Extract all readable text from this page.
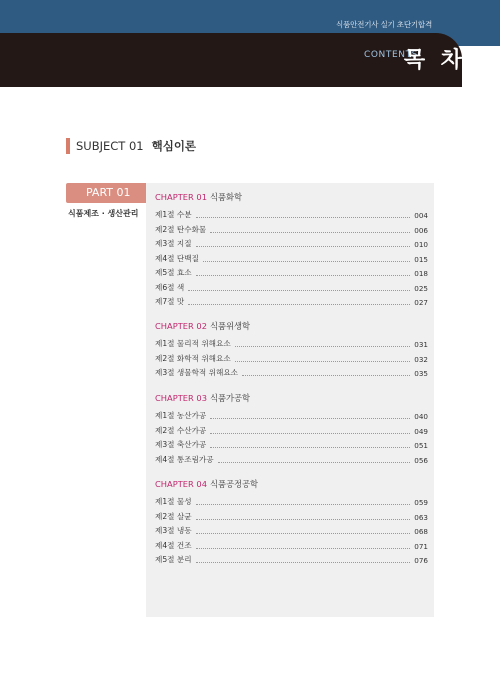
식품안전기사 실기 초단기합격
CONTENTS
목 차
SUBJECT 01 핵심이론
PART 01
식품제조 · 생산관리
CHAPTER 01 식품화학
제1절 수분	004
제2절 탄수화물	006
제3절 지질	010
제4절 단백질	015
제5절 효소	018
제6절 색	025
제7절 맛	027
CHAPTER 02 식품위생학
제1절 물리적 위해요소	031
제2절 화학적 위해요소	032
제3절 생물학적 위해요소	035
CHAPTER 03 식품가공학
제1절 농산가공	040
제2절 수산가공	049
제3절 축산가공	051
제4절 통조림가공	056
CHAPTER 04 식품공정공학
제1절 물성	059
제2절 살균	063
제3절 냉동	068
제4절 건조	071
제5절 분리	076
